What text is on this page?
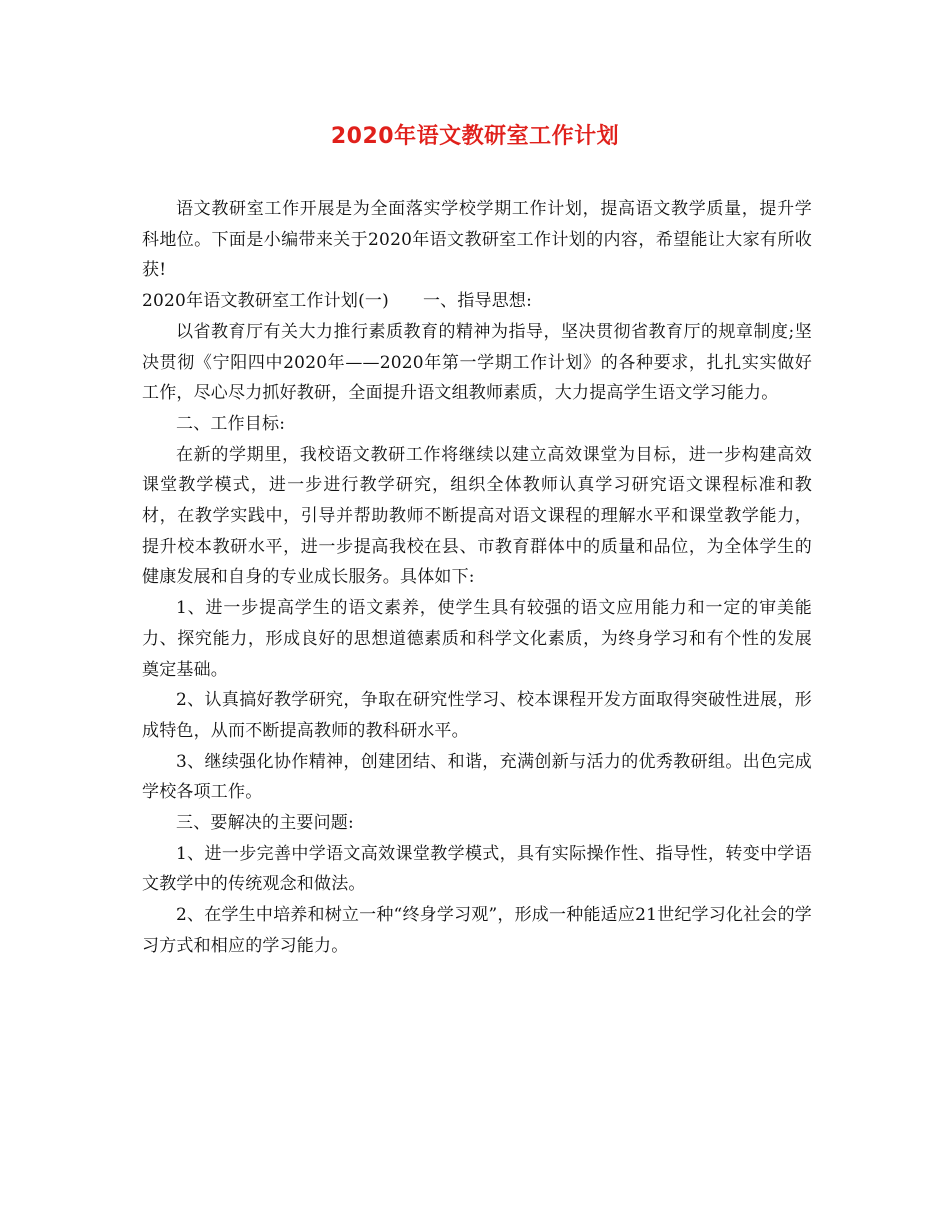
2020年语文教研室工作计划

语文教研室工作开展是为全面落实学校学期工作计划，提高语文教学质量，提升学科地位。下面是小编带来关于2020年语文教研室工作计划的内容，希望能让大家有所收获!

2020年语文教研室工作计划(一) 一、指导思想:

以省教育厅有关大力推行素质教育的精神为指导，坚决贯彻省教育厅的规章制度;坚决贯彻《宁阳四中2020年——2020年第一学期工作计划》的各种要求，扎扎实实做好工作，尽心尽力抓好教研，全面提升语文组教师素质，大力提高学生语文学习能力。

二、工作目标:

在新的学期里，我校语文教研工作将继续以建立高效课堂为目标，进一步构建高效课堂教学模式，进一步进行教学研究，组织全体教师认真学习研究语文课程标准和教材，在教学实践中，引导并帮助教师不断提高对语文课程的理解水平和课堂教学能力，提升校本教研水平，进一步提高我校在县、市教育群体中的质量和品位，为全体学生的健康发展和自身的专业成长服务。具体如下:

1、进一步提高学生的语文素养，使学生具有较强的语文应用能力和一定的审美能力、探究能力，形成良好的思想道德素质和科学文化素质，为终身学习和有个性的发展奠定基础。

2、认真搞好教学研究，争取在研究性学习、校本课程开发方面取得突破性进展，形成特色，从而不断提高教师的教科研水平。

3、继续强化协作精神，创建团结、和谐，充满创新与活力的优秀教研组。出色完成学校各项工作。

三、要解决的主要问题:

1、进一步完善中学语文高效课堂教学模式，具有实际操作性、指导性，转变中学语文教学中的传统观念和做法。

2、在学生中培养和树立一种“终身学习观”，形成一种能适应21世纪学习化社会的学习方式和相应的学习能力。
